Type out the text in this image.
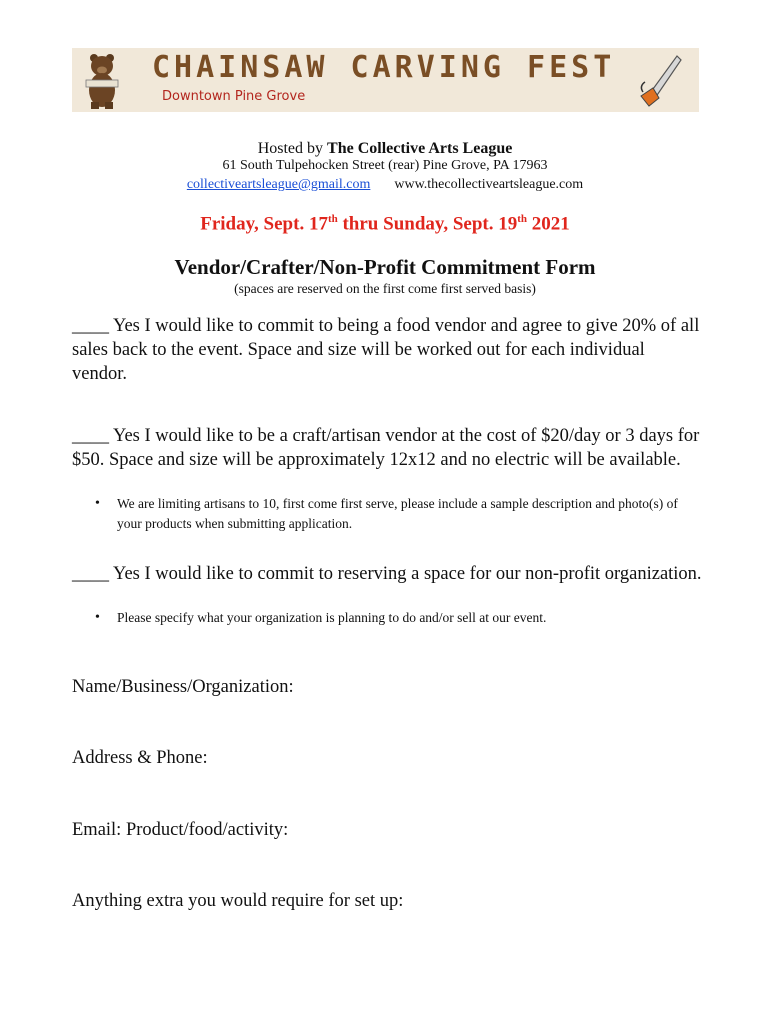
CHAINSAW CARVING FEST
Downtown Pine Grove
Hosted by The Collective Arts League
61 South Tulpehocken Street (rear) Pine Grove, PA 17963
collectiveartsleague@gmail.com www.thecollectiveartsleague.com
Friday, Sept. 17th thru Sunday, Sept. 19th 2021
Vendor/Crafter/Non-Profit Commitment Form
(spaces are reserved on the first come first served basis)
____ Yes I would like to commit to being a food vendor and agree to give 20% of all sales back to the event. Space and size will be worked out for each individual vendor.
____ Yes I would like to be a craft/artisan vendor at the cost of $20/day or 3 days for $50. Space and size will be approximately 12x12 and no electric will be available.
• We are limiting artisans to 10, first come first serve, please include a sample description and photo(s) of your products when submitting application.
____ Yes I would like to commit to reserving a space for our non-profit organization.
• Please specify what your organization is planning to do and/or sell at our event.
Name/Business/Organization:
Address & Phone:
Email: Product/food/activity:
Anything extra you would require for set up:
